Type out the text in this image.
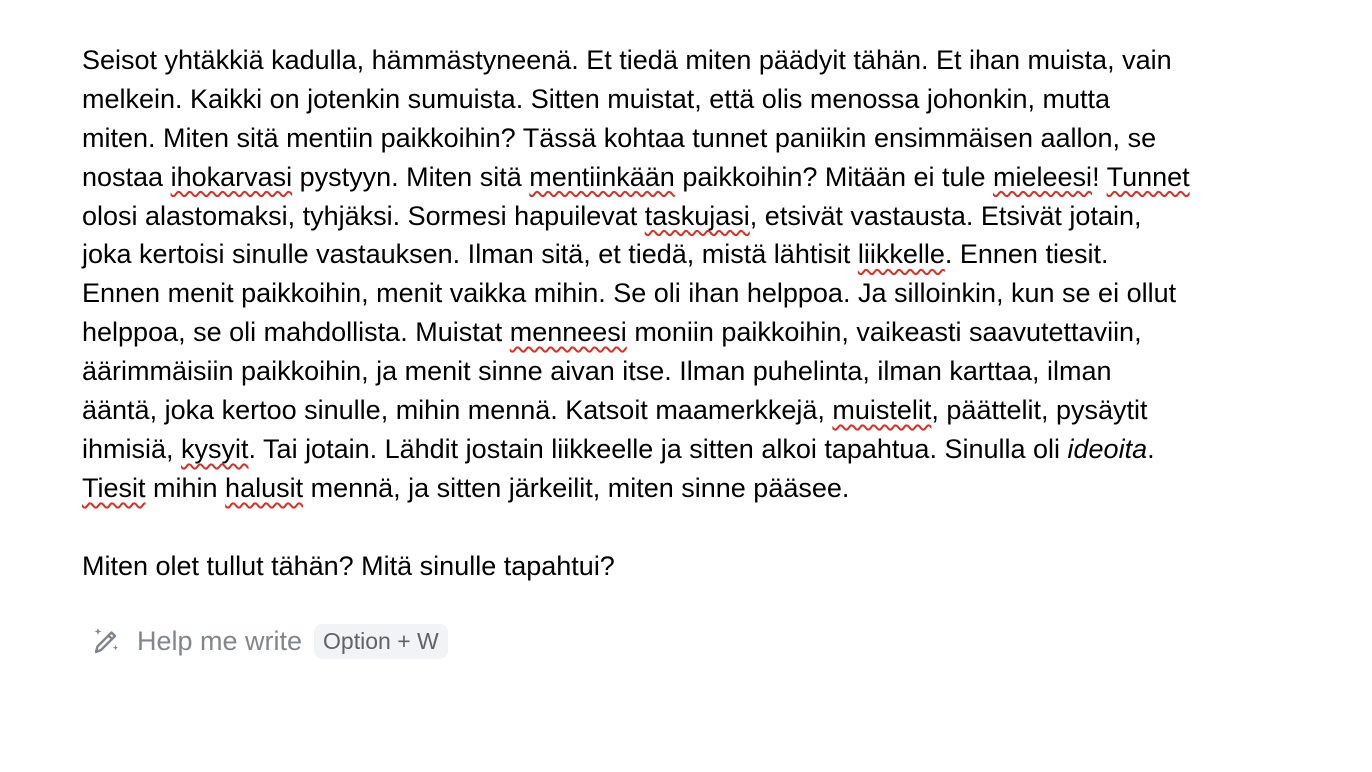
Seisot yhtäkkiä kadulla, hämmästyneenä. Et tiedä miten päädyit tähän. Et ihan muista, vain
melkein. Kaikki on jotenkin sumuista. Sitten muistat, että olis menossa johonkin, mutta
miten. Miten sitä mentiin paikkoihin? Tässä kohtaa tunnet paniikin ensimmäisen aallon, se
nostaa ihokarvasi pystyyn. Miten sitä mentiinkään paikkoihin? Mitään ei tule mieleesi! Tunnet
olosi alastomaksi, tyhjäksi. Sormesi hapuilevat taskujasi, etsivät vastausta. Etsivät jotain,
joka kertoisi sinulle vastauksen. Ilman sitä, et tiedä, mistä lähtisit liikkelle. Ennen tiesit.
Ennen menit paikkoihin, menit vaikka mihin. Se oli ihan helppoa. Ja silloinkin, kun se ei ollut
helppoa, se oli mahdollista. Muistat menneesi moniin paikkoihin, vaikeasti saavutettaviin,
äärimmäisiin paikkoihin, ja menit sinne aivan itse. Ilman puhelinta, ilman karttaa, ilman
ääntä, joka kertoo sinulle, mihin mennä. Katsoit maamerkkejä, muistelit, päättelit, pysäytit
ihmisiä, kysyit. Tai jotain. Lähdit jostain liikkeelle ja sitten alkoi tapahtua. Sinulla oli ideoita.
Tiesit mihin halusit mennä, ja sitten järkeilit, miten sinne pääsee.
Miten olet tullut tähän? Mitä sinulle tapahtui?
Help me write Option + W
